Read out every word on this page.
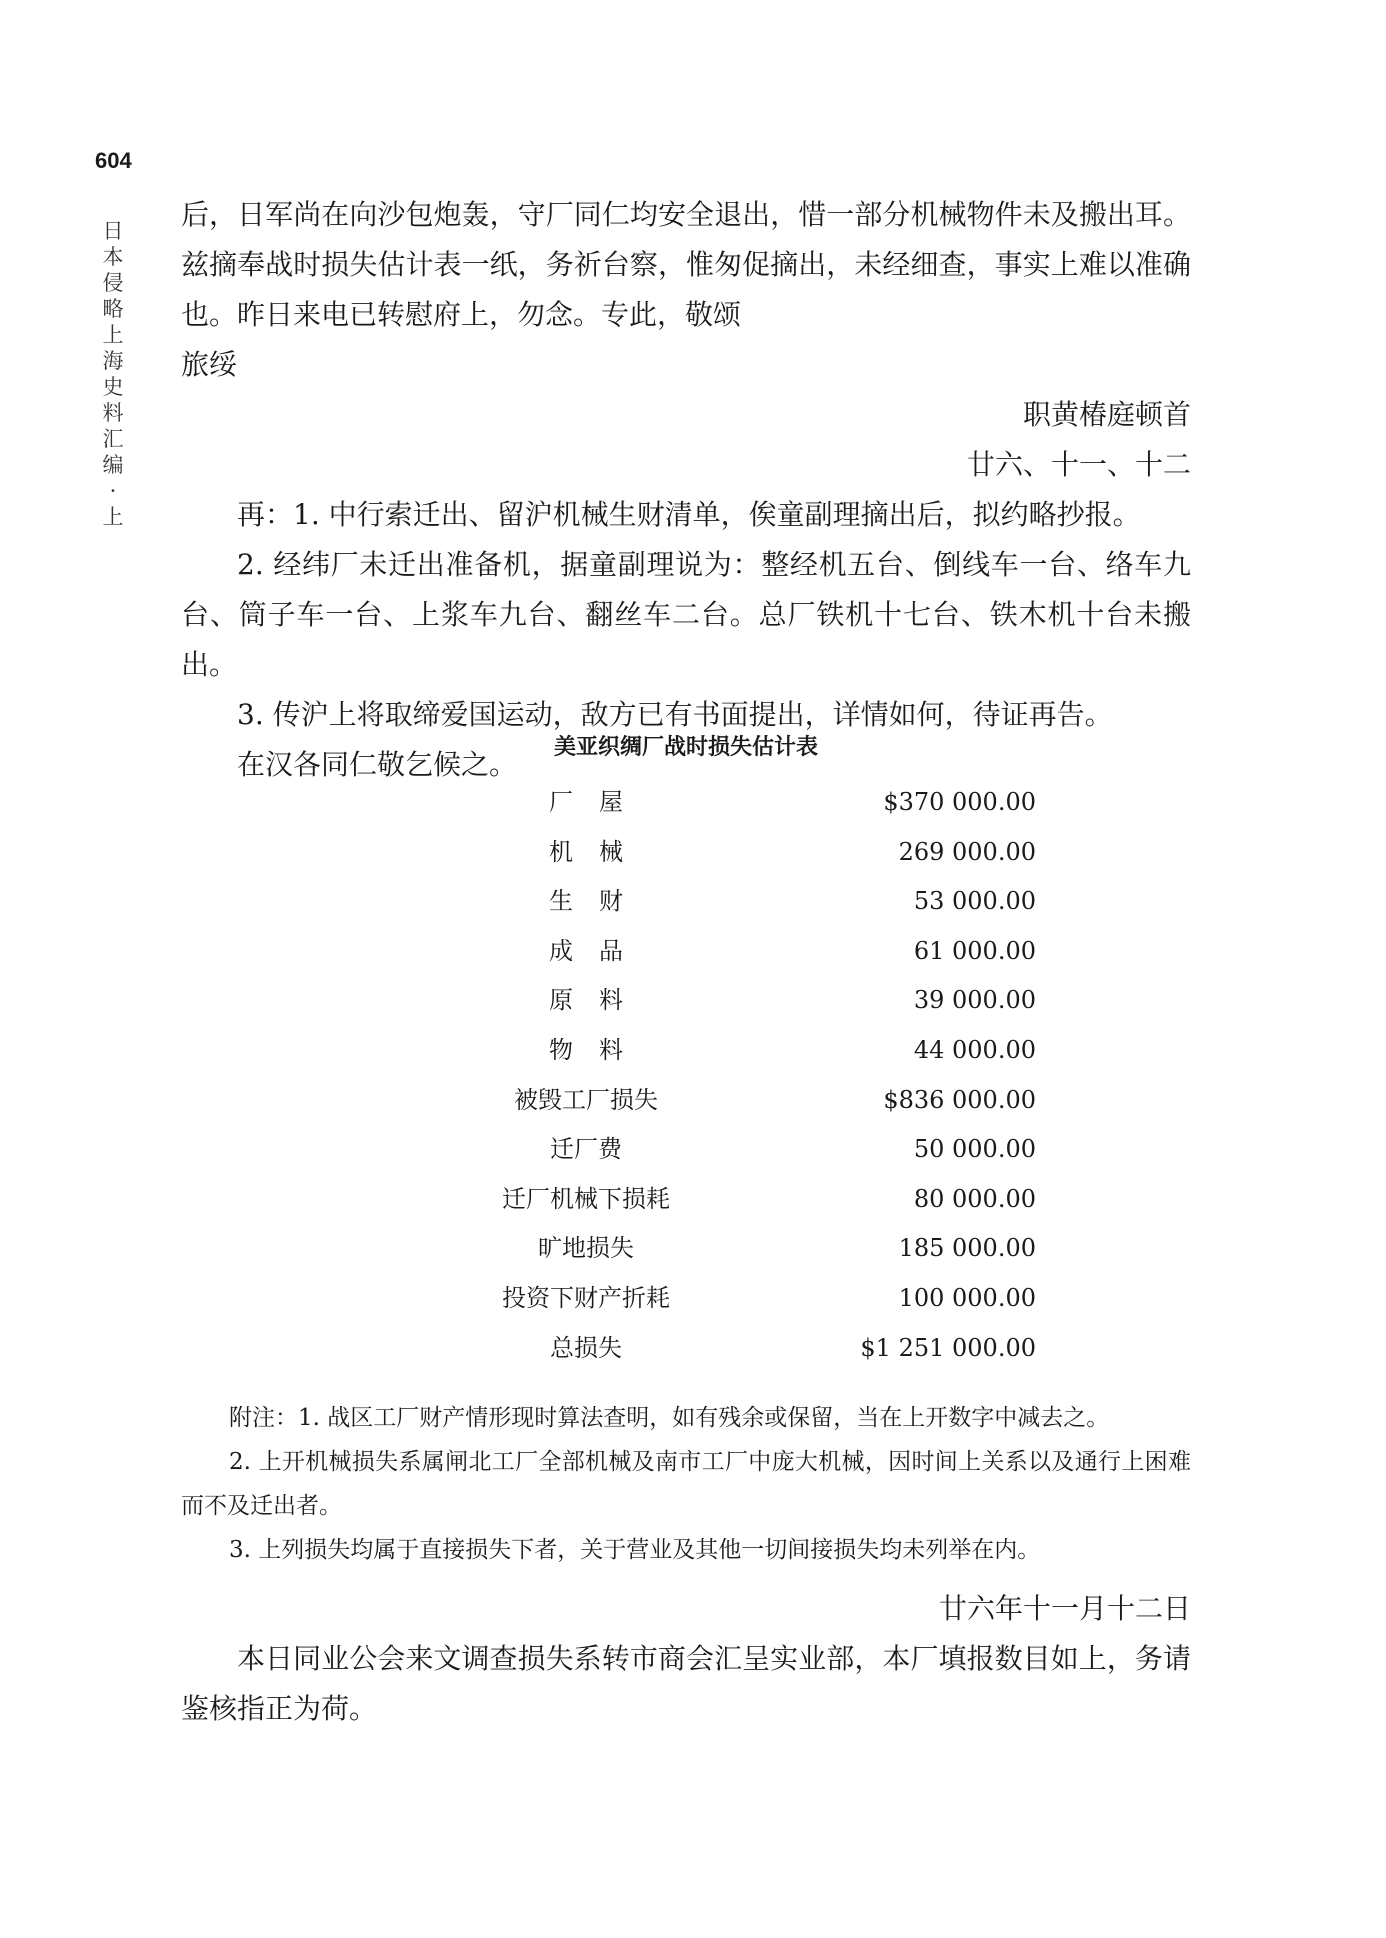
604
日本侵略上海史料汇编·上

后，日军尚在向沙包炮轰，守厂同仁均安全退出，惜一部分机械物件未及搬出耳。兹摘奉战时损失估计表一纸，务祈台察，惟匆促摘出，未经细查，事实上难以准确也。昨日来电已转慰府上，勿念。专此，敬颂

旅绥

职黄椿庭顿首

廿六、十一、十二

再：1. 中行索迁出、留沪机械生财清单，俟童副理摘出后，拟约略抄报。

2. 经纬厂未迁出准备机，据童副理说为：整经机五台、倒线车一台、络车九台、筒子车一台、上浆车九台、翻丝车二台。总厂铁机十七台、铁木机十台未搬出。

3. 传沪上将取缔爱国运动，敌方已有书面提出，详情如何，待证再告。

在汉各同仁敬乞候之。

美亚织绸厂战时损失估计表
厂屋	$370 000.00
机械	269 000.00
生财	53 000.00
成品	61 000.00
原料	39 000.00
物料	44 000.00
被毁工厂损失	$836 000.00
迁厂费	50 000.00
迁厂机械下损耗	80 000.00
旷地损失	185 000.00
投资下财产折耗	100 000.00
总损失	$1 251 000.00

附注：1. 战区工厂财产情形现时算法查明，如有残余或保留，当在上开数字中减去之。

2. 上开机械损失系属闸北工厂全部机械及南市工厂中庞大机械，因时间上关系以及通行上困难而不及迁出者。

3. 上列损失均属于直接损失下者，关于营业及其他一切间接损失均未列举在内。

廿六年十一月十二日

本日同业公会来文调查损失系转市商会汇呈实业部，本厂填报数目如上，务请鉴核指正为荷。
